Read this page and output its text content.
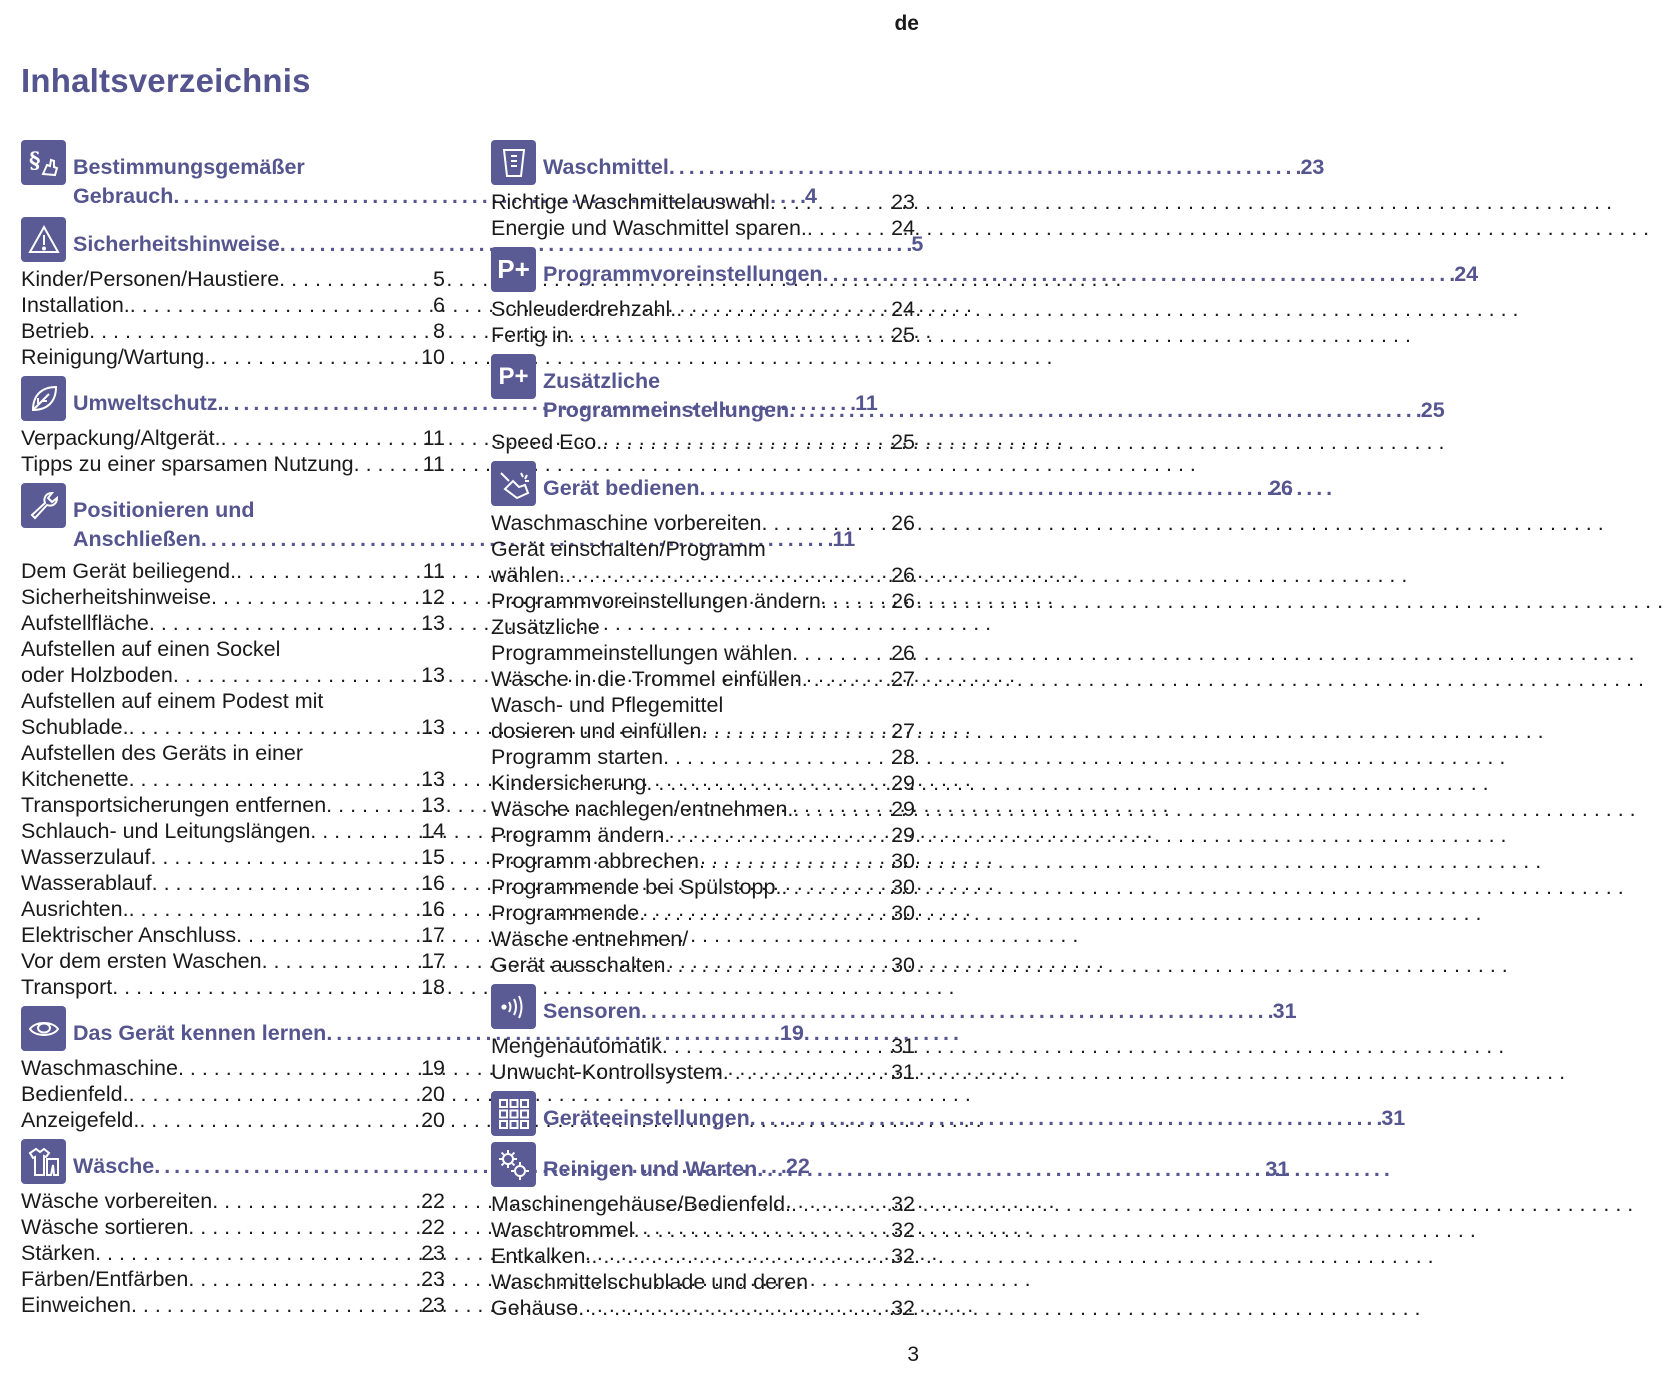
de
Inhaltsverzeichnis
§ Bestimmungsgemäßer
Gebrauch . . .	4
Sicherheitshinweise . . .	5
Kinder/Personen/Haustiere . . .	5
Installation. . . .	6
Betrieb . . .	8
Reinigung/Wartung. . . .	10
Umweltschutz. . . .	11
Verpackung/Altgerät. . . .	11
Tipps zu einer sparsamen Nutzung . . .	11
Positionieren und
Anschließen . . .	11
Dem Gerät beiliegend. . . .	11
Sicherheitshinweise . . .	12
Aufstellfläche . . .	13
Aufstellen auf einen Sockel
oder Holzboden . . .	13
Aufstellen auf einem Podest mit
Schublade. . . .	13
Aufstellen des Geräts in einer
Kitchenette . . .	13
Transportsicherungen entfernen . . .	13
Schlauch- und Leitungslängen . . .	14
Wasserzulauf . . .	15
Wasserablauf . . .	16
Ausrichten. . . .	16
Elektrischer Anschluss . . .	17
Vor dem ersten Waschen . . .	17
Transport . . .	18
Das Gerät kennen lernen . . .	19
Waschmaschine . . .	19
Bedienfeld. . . .	20
Anzeigefeld. . . .	20
Wäsche . . .	22
Wäsche vorbereiten . . .	22
Wäsche sortieren . . .	22
Stärken . . .	23
Färben/Entfärben . . .	23
Einweichen . . .	23
Waschmittel . . .	23
Richtige Waschmittelauswahl . . .	23
Energie und Waschmittel sparen. . . .	24
P+ Programmvoreinstellungen . . .	24
Schleuderdrehzahl. . . .	24
Fertig in . . .	25
P+ Zusätzliche
Programmeinstellungen . . .	25
Speed Eco. . . .	25
Gerät bedienen . . .	26
Waschmaschine vorbereiten . . .	26
Gerät einschalten/Programm
wählen. . . .	26
Programmvoreinstellungen ändern . . .	26
Zusätzliche
Programmeinstellungen wählen . . .	26
Wäsche in die Trommel einfüllen . . .	27
Wasch- und Pflegemittel
dosieren und einfüllen . . .	27
Programm starten . . .	28
Kindersicherung . . .	29
Wäsche nachlegen/entnehmen. . . .	29
Programm ändern . . .	29
Programm abbrechen . . .	30
Programmende bei Spülstopp. . . .	30
Programmende . . .	30
Wäsche entnehmen/
Gerät ausschalten . . .	30
Sensoren . . .	31
Mengenautomatik . . .	31
Unwucht-Kontrollsystem . . .	31
Geräteeinstellungen . . .	31
Reinigen und Warten . . .	31
Maschinengehäuse/Bedienfeld. . . .	32
Waschtrommel . . .	32
Entkalken. . . .	32
Waschmittelschublade und deren
Gehäuse . . .	32
3
